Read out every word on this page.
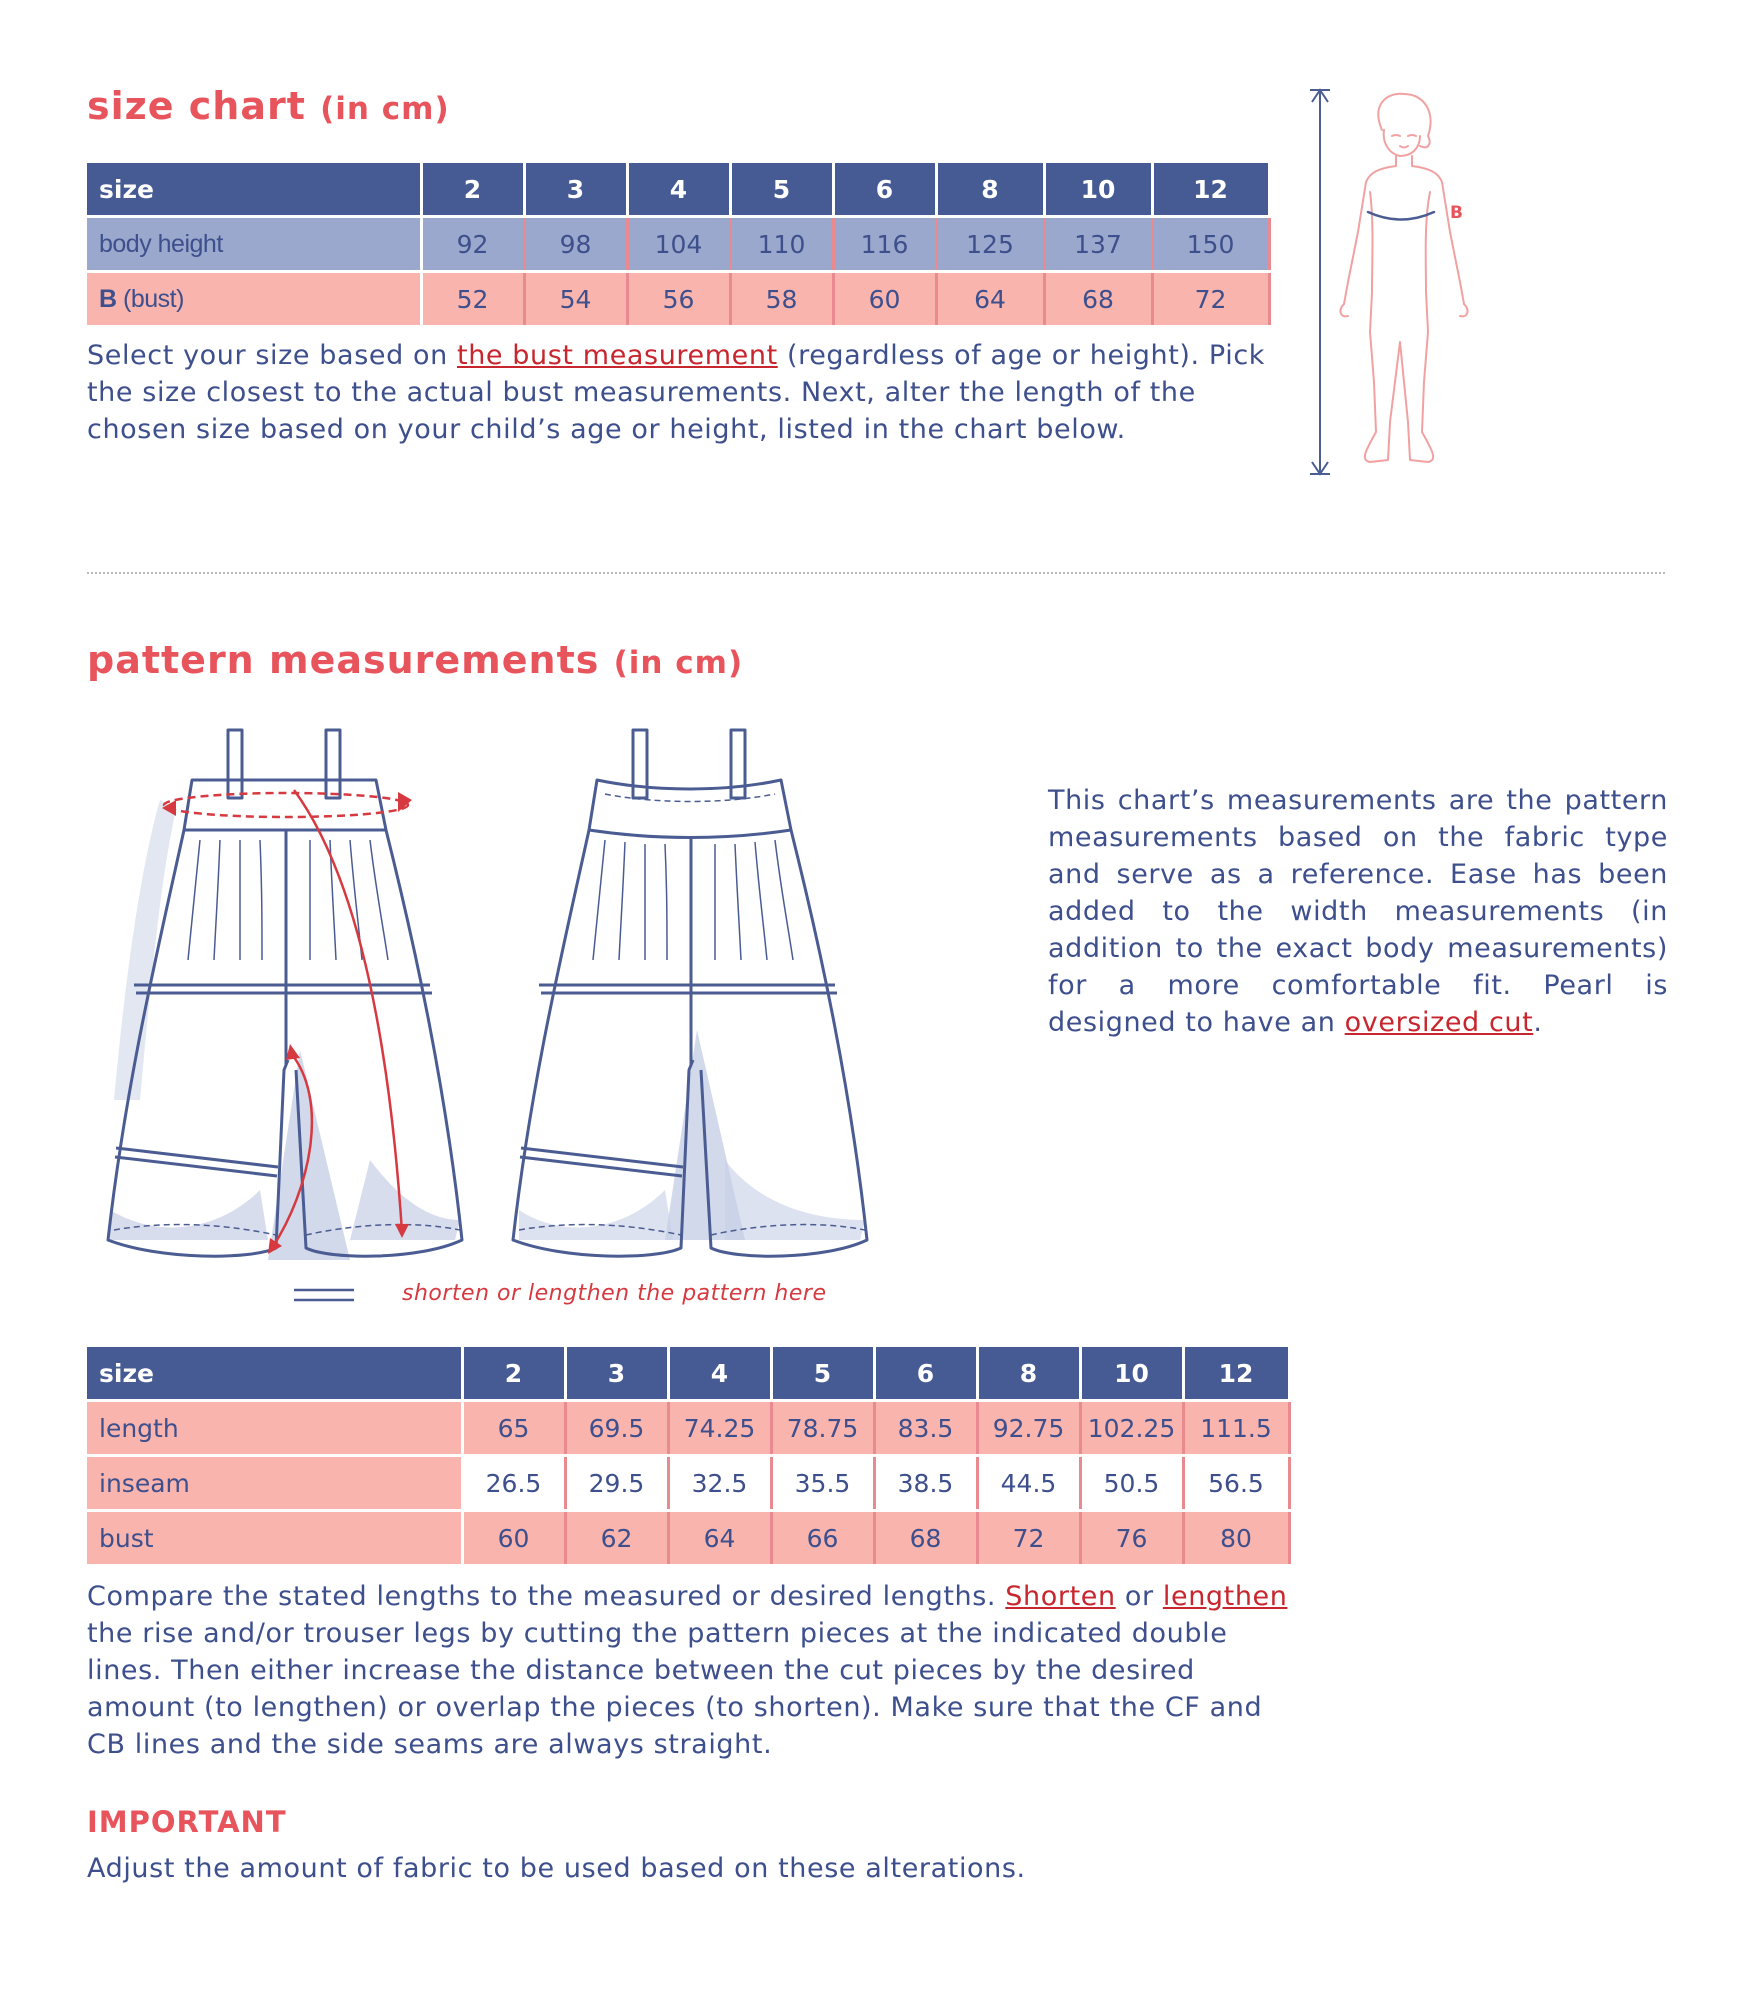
size chart (in cm)
size	2	3	4	5	6	8	10	12
body height	92	98	104	110	116	125	137	150
B (bust)	52	54	56	58	60	64	68	72

Select your size based on the bust measurement (regardless of age or height). Pick the size closest to the actual bust measurements. Next, alter the length of the chosen size based on your child’s age or height, listed in the chart below.

B
pattern measurements (in cm)
shorten or lengthen the pattern here

This chart’s measurements are the pattern measurements based on the fabric type and serve as a reference. Ease has been added to the width measurements (in addition to the exact body measurements) for a more comfortable fit. Pearl is designed to have an oversized cut.

size	2	3	4	5	6	8	10	12
length	65	69.5	74.25	78.75	83.5	92.75	102.25	111.5
inseam	26.5	29.5	32.5	35.5	38.5	44.5	50.5	56.5
bust	60	62	64	66	68	72	76	80

Compare the stated lengths to the measured or desired lengths. Shorten or lengthen the rise and/or trouser legs by cutting the pattern pieces at the indicated double lines. Then either increase the distance between the cut pieces by the desired amount (to lengthen) or overlap the pieces (to shorten). Make sure that the CF and CB lines and the side seams are always straight.

IMPORTANT

Adjust the amount of fabric to be used based on these alterations.
